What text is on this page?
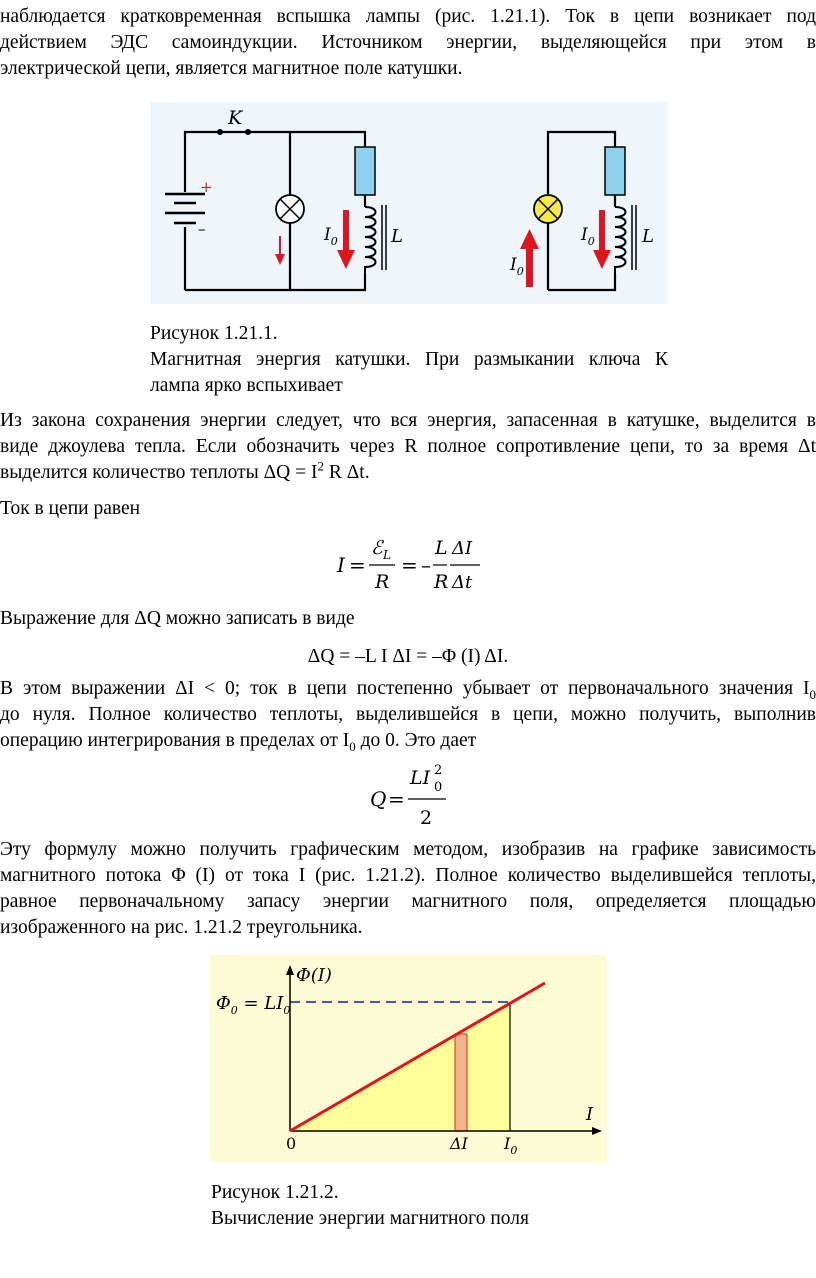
наблюдается кратковременная вспышка лампы (рис. 1.21.1). Ток в цепи возникает под
действием ЭДС самоиндукции. Источником энергии, выделяющейся при этом в
электрической цепи, является магнитное поле катушки.
K
+
–	$I_0$	L
$I_0$
$I_0$	L
Рисунок 1.21.1.
Магнитная энергия катушки. При размыкании ключа К
лампа ярко вспыхивает
Из закона сохранения энергии следует, что вся энергия, запасенная в катушке, выделится в
виде джоулева тепла. Если обозначить через R полное сопротивление цепи, то за время Δt
выделится количество теплоты $\Delta Q = I^2$ R Δt.
Ток в цепи равен
I =
ℰ L
R
= –
L
R
ΔI
Δt
Выражение для ΔQ можно записать в виде
ΔQ = –L I ΔI = –Φ (I) ΔI.
В этом выражении ΔI < 0; ток в цепи постепенно убывает от первоначального значения $I_0$
до нуля. Полное количество теплоты, выделившейся в цепи, можно получить, выполнив
операцию интегрирования в пределах от $I_0$ до 0. Это дает
Q =
LI 2
0
2
Эту формулу можно получить графическим методом, изобразив на графике зависимость
магнитного потока Φ (I) от тока I (рис. 1.21.2). Полное количество выделившейся теплоты,
равное первоначальному запасу энергии магнитного поля, определяется площадью
изображенного на рис. 1.21.2 треугольника.
Φ(I)
I
0
$\Phi_0 = LI_0$
ΔI $I_0$
Рисунок 1.21.2.
Вычисление энергии магнитного поля
